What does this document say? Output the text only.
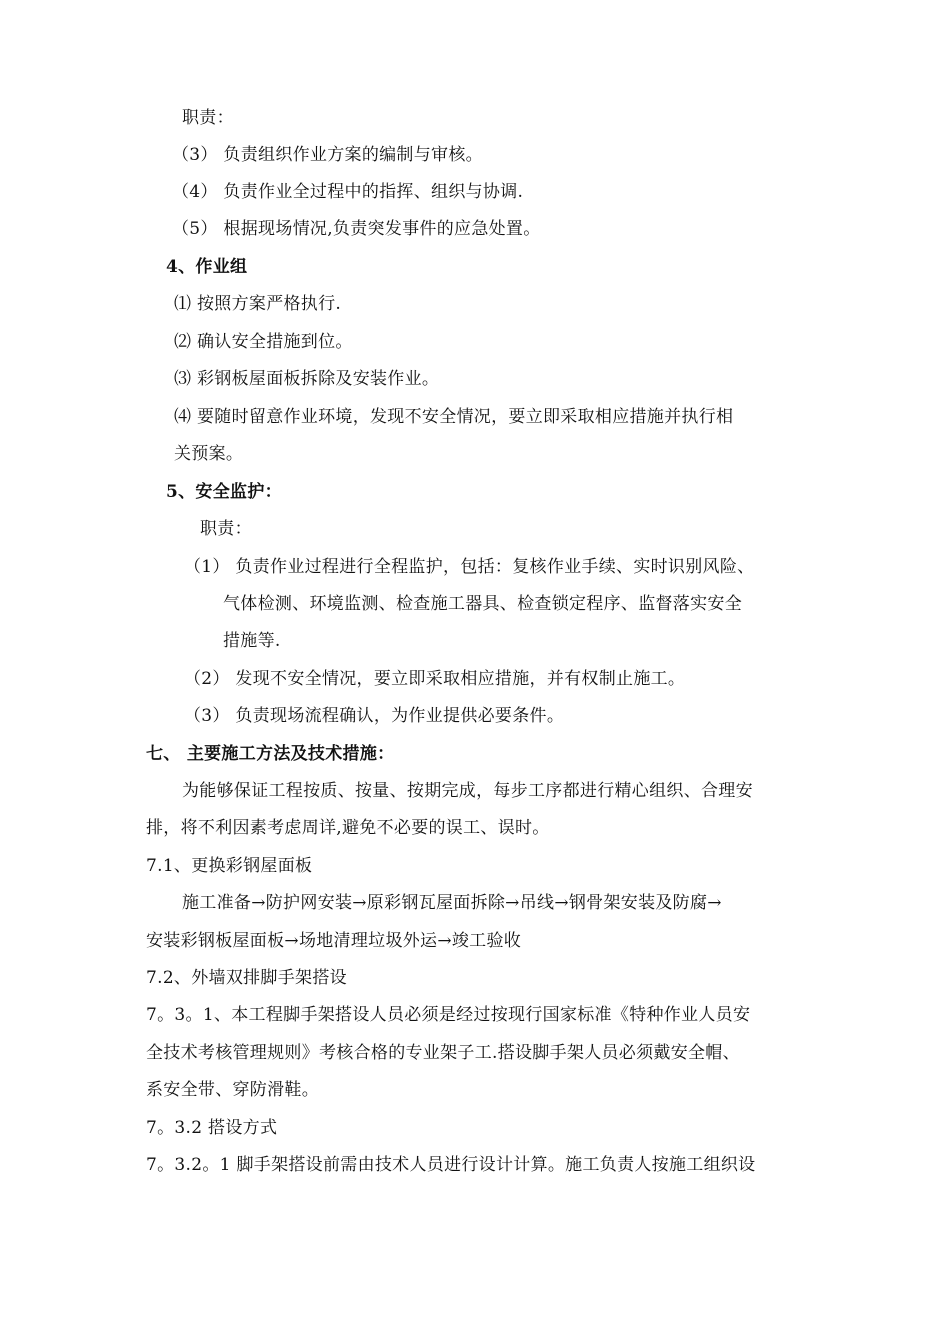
职责：
（3） 负责组织作业方案的编制与审核。
（4） 负责作业全过程中的指挥、组织与协调.
（5） 根据现场情况,负责突发事件的应急处置。
4、作业组
⑴ 按照方案严格执行.
⑵ 确认安全措施到位。
⑶ 彩钢板屋面板拆除及安装作业。
⑷ 要随时留意作业环境，发现不安全情况，要立即采取相应措施并执行相
关预案。
5、安全监护：
职责：
（1） 负责作业过程进行全程监护，包括：复核作业手续、实时识别风险、
气体检测、环境监测、检查施工器具、检查锁定程序、监督落实安全
措施等.
（2） 发现不安全情况，要立即采取相应措施，并有权制止施工。
（3） 负责现场流程确认，为作业提供必要条件。
七、 主要施工方法及技术措施：
为能够保证工程按质、按量、按期完成，每步工序都进行精心组织、合理安
排，将不利因素考虑周详,避免不必要的误工、误时。
7.1、更换彩钢屋面板
施工准备→防护网安装→原彩钢瓦屋面拆除→吊线→钢骨架安装及防腐→
安装彩钢板屋面板→场地清理垃圾外运→竣工验收
7.2、外墙双排脚手架搭设
7。3。1、本工程脚手架搭设人员必须是经过按现行国家标准《特种作业人员安
全技术考核管理规则》考核合格的专业架子工.搭设脚手架人员必须戴安全帽、
系安全带、穿防滑鞋。
7。3.2 搭设方式
7。3.2。1 脚手架搭设前需由技术人员进行设计计算。施工负责人按施工组织设
